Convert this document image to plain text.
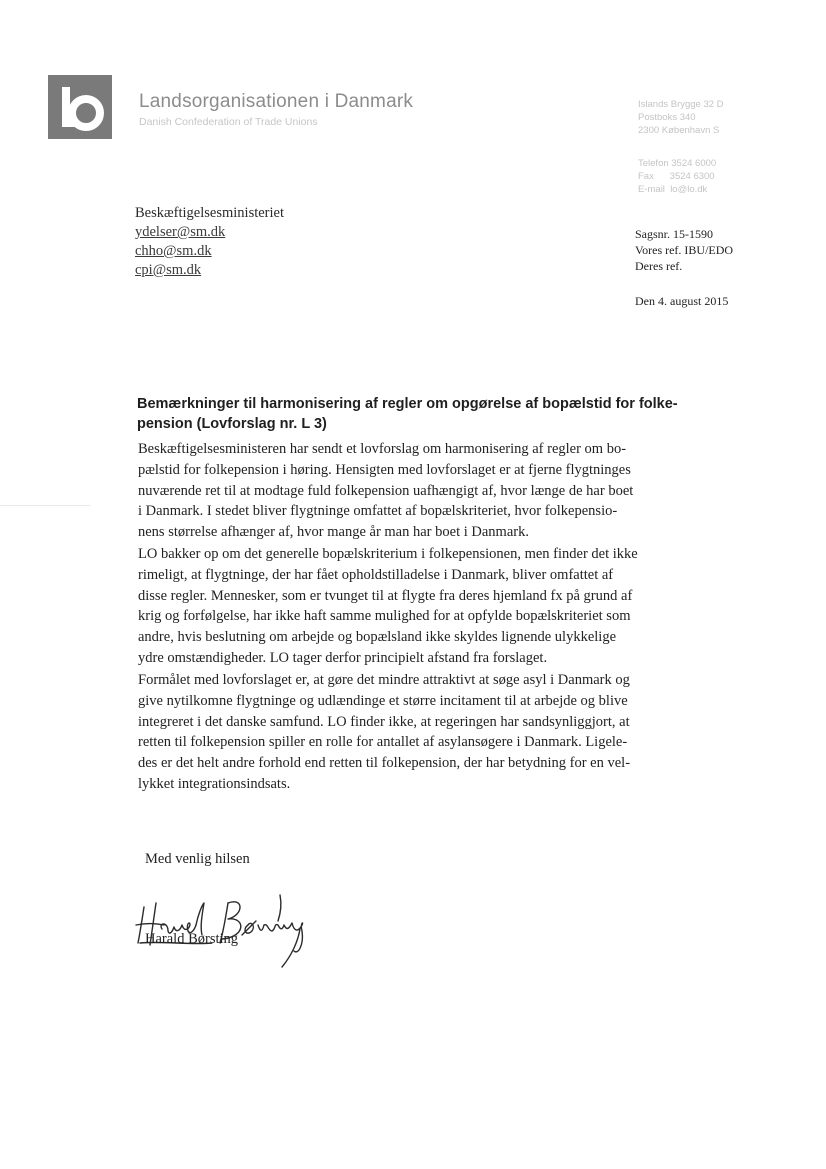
Landsorganisationen i Danmark
Danish Confederation of Trade Unions
Islands Brygge 32 D
Postboks 340
2300 København S
Telefon 3524 6000
Fax      3524 6300
E-mail  lo@lo.dk
Beskæftigelsesministeriet
ydelser@sm.dk
chho@sm.dk
cpi@sm.dk
Sagsnr. 15-1590
Vores ref. IBU/EDO
Deres ref.
Den 4. august 2015
Bemærkninger til harmonisering af regler om opgørelse af bopælstid for folke-
pension (Lovforslag nr. L 3)
Beskæftigelsesministeren har sendt et lovforslag om harmonisering af regler om bo-
pælstid for folkepension i høring. Hensigten med lovforslaget er at fjerne flygtninges
nuværende ret til at modtage fuld folkepension uafhængigt af, hvor længe de har boet
i Danmark. I stedet bliver flygtninge omfattet af bopælskriteriet, hvor folkepensio-
nens størrelse afhænger af, hvor mange år man har boet i Danmark.
LO bakker op om det generelle bopælskriterium i folkepensionen, men finder det ikke
rimeligt, at flygtninge, der har fået opholdstilladelse i Danmark, bliver omfattet af
disse regler. Mennesker, som er tvunget til at flygte fra deres hjemland fx på grund af
krig og forfølgelse, har ikke haft samme mulighed for at opfylde bopælskriteriet som
andre, hvis beslutning om arbejde og bopælsland ikke skyldes lignende ulykkelige
ydre omstændigheder. LO tager derfor principielt afstand fra forslaget.
Formålet med lovforslaget er, at gøre det mindre attraktivt at søge asyl i Danmark og
give nytilkomne flygtninge og udlændinge et større incitament til at arbejde og blive
integreret i det danske samfund. LO finder ikke, at regeringen har sandsynliggjort, at
retten til folkepension spiller en rolle for antallet af asylansøgere i Danmark. Ligele-
des er det helt andre forhold end retten til folkepension, der har betydning for en vel-
lykket integrationsindsats.
Med venlig hilsen
Harald Børsting
